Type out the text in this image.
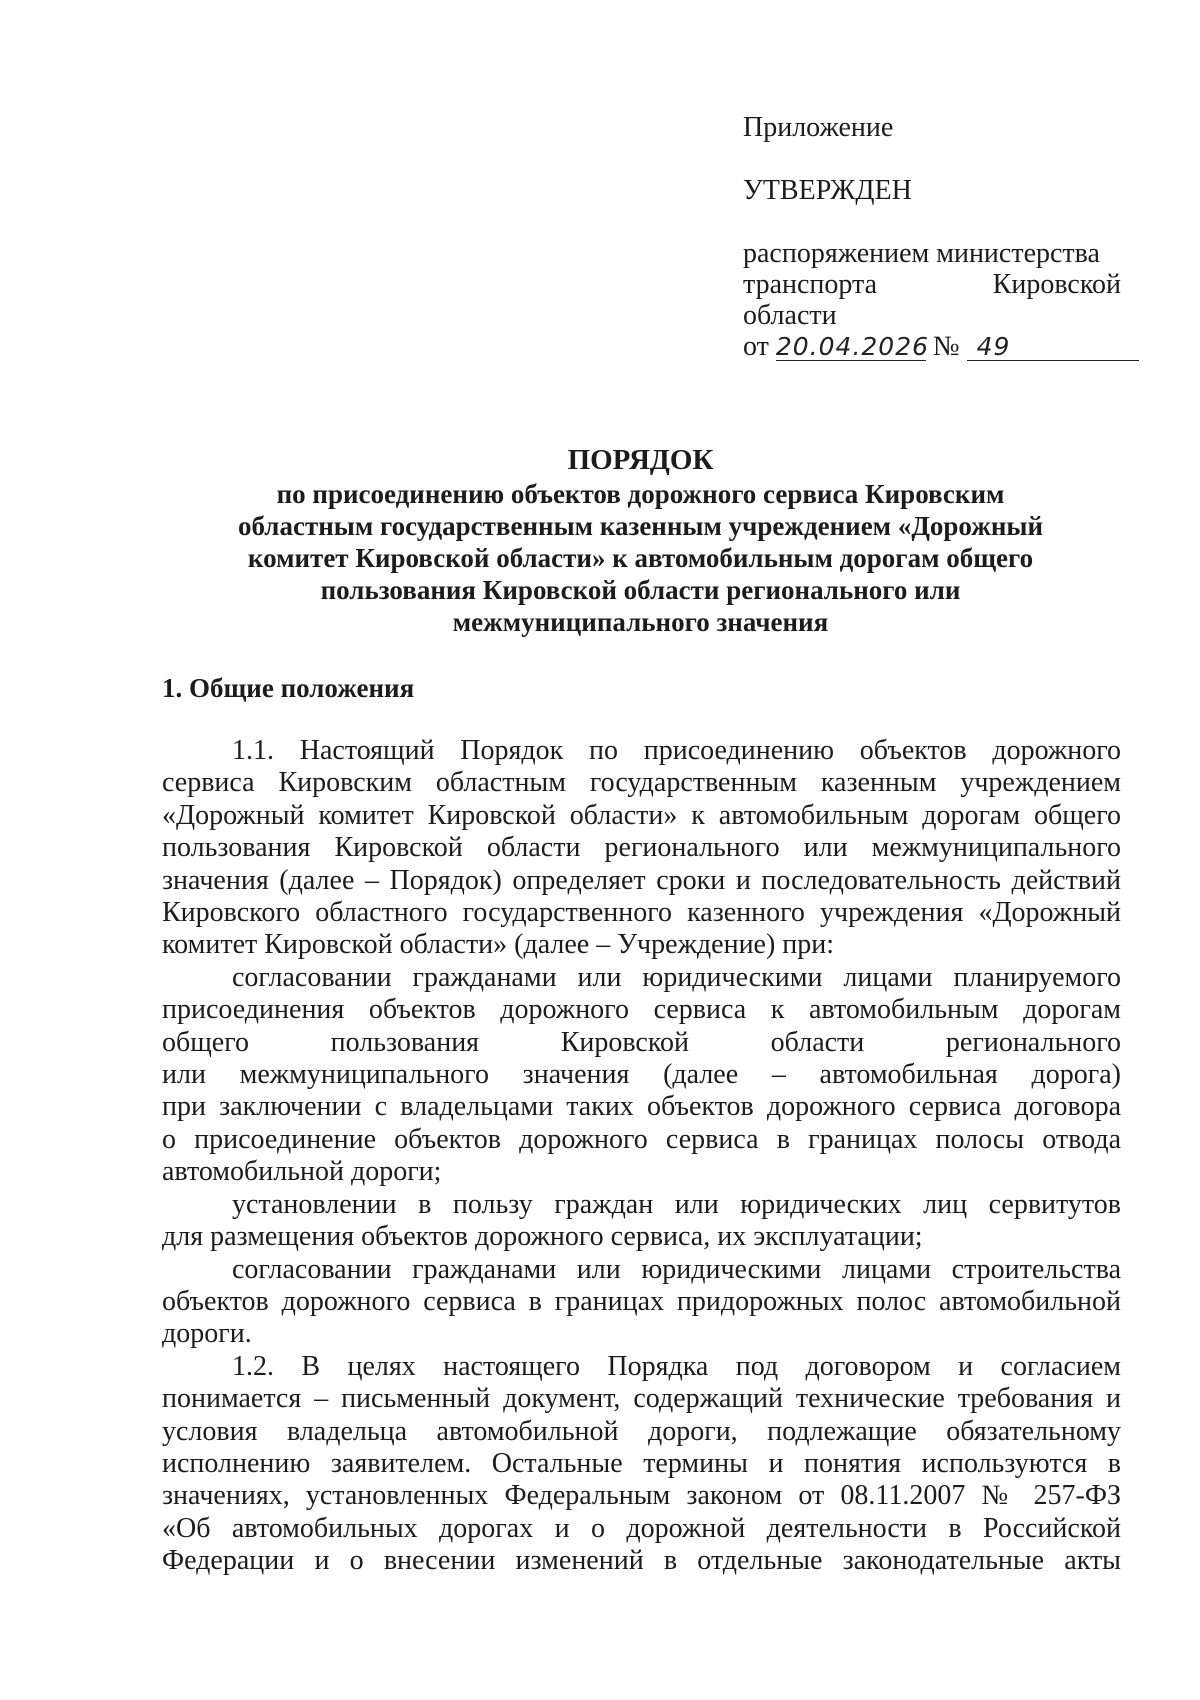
Приложение
УТВЕРЖДЕН
распоряжением министерства
транспорта Кировской
области
от 20.04.2026 № 49
ПОРЯДОК
по присоединению объектов дорожного сервиса Кировским
областным государственным казенным учреждением «Дорожный
комитет Кировской области» к автомобильным дорогам общего
пользования Кировской области регионального или
межмуниципального значения
1. Общие положения
1.1. Настоящий Порядок по присоединению объектов дорожного
сервиса Кировским областным государственным казенным учреждением
«Дорожный комитет Кировской области» к автомобильным дорогам общего
пользования Кировской области регионального или межмуниципального
значения (далее – Порядок) определяет сроки и последовательность действий
Кировского областного государственного казенного учреждения «Дорожный
комитет Кировской области» (далее – Учреждение) при:
согласовании гражданами или юридическими лицами планируемого
присоединения объектов дорожного сервиса к автомобильным дорогам
общего пользования Кировской области регионального
или межмуниципального значения (далее – автомобильная дорога)
при заключении с владельцами таких объектов дорожного сервиса договора
о присоединение объектов дорожного сервиса в границах полосы отвода
автомобильной дороги;
установлении в пользу граждан или юридических лиц сервитутов
для размещения объектов дорожного сервиса, их эксплуатации;
согласовании гражданами или юридическими лицами строительства
объектов дорожного сервиса в границах придорожных полос автомобильной
дороги.
1.2. В целях настоящего Порядка под договором и согласием
понимается – письменный документ, содержащий технические требования и
условия владельца автомобильной дороги, подлежащие обязательному
исполнению заявителем. Остальные термины и понятия используются в
значениях, установленных Федеральным законом от 08.11.2007 № 257-ФЗ
«Об автомобильных дорогах и о дорожной деятельности в Российской
Федерации и о внесении изменений в отдельные законодательные акты
